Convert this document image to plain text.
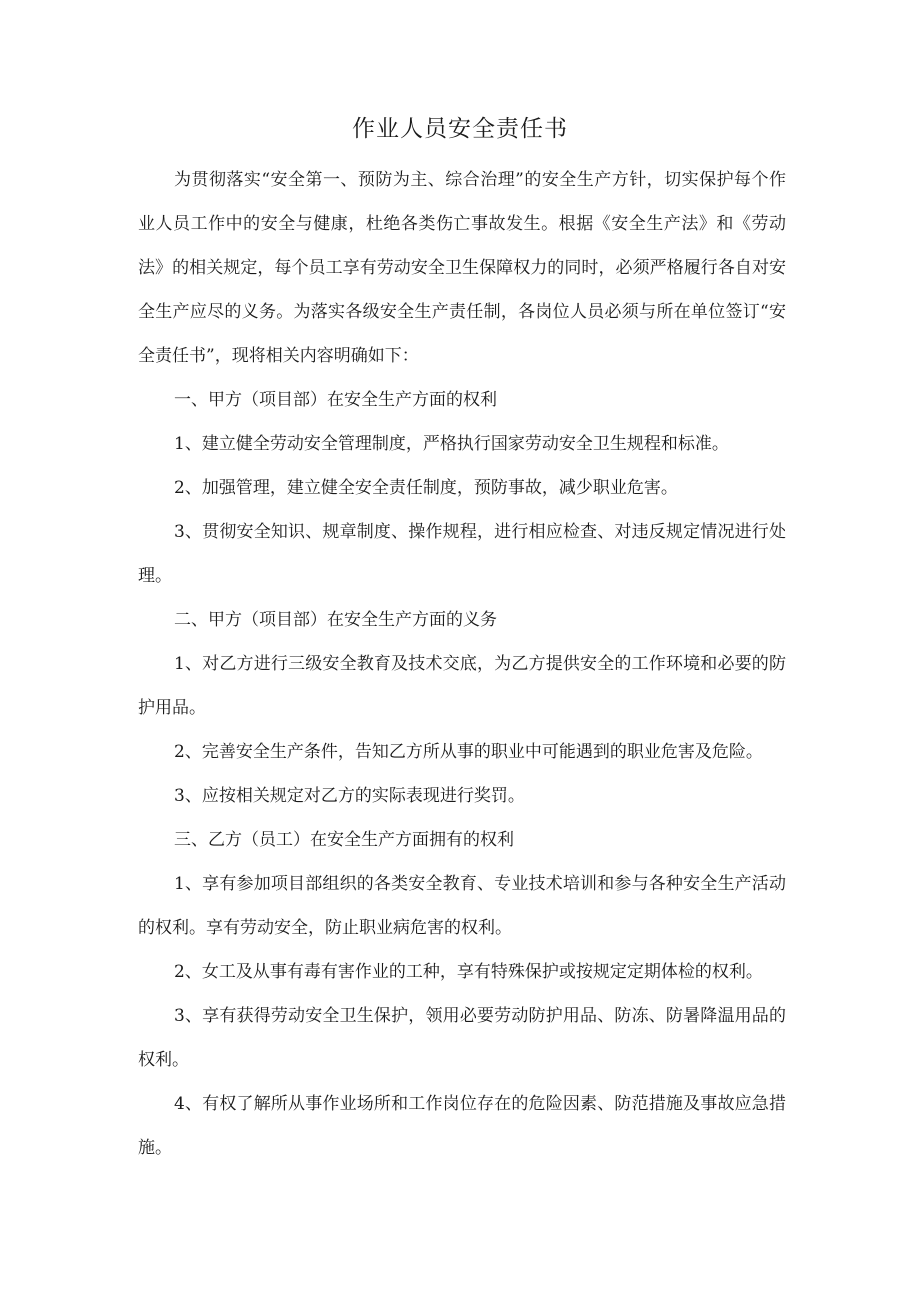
作业人员安全责任书

为贯彻落实“安全第一、预防为主、综合治理”的安全生产方针，切实保护每个作业人员工作中的安全与健康，杜绝各类伤亡事故发生。根据《安全生产法》和《劳动法》的相关规定，每个员工享有劳动安全卫生保障权力的同时，必须严格履行各自对安全生产应尽的义务。为落实各级安全生产责任制，各岗位人员必须与所在单位签订“安全责任书”，现将相关内容明确如下：

一、甲方（项目部）在安全生产方面的权利

1、建立健全劳动安全管理制度，严格执行国家劳动安全卫生规程和标准。

2、加强管理，建立健全安全责任制度，预防事故，减少职业危害。

3、贯彻安全知识、规章制度、操作规程，进行相应检查、对违反规定情况进行处理。

二、甲方（项目部）在安全生产方面的义务

1、对乙方进行三级安全教育及技术交底，为乙方提供安全的工作环境和必要的防护用品。

2、完善安全生产条件，告知乙方所从事的职业中可能遇到的职业危害及危险。

3、应按相关规定对乙方的实际表现进行奖罚。

三、乙方（员工）在安全生产方面拥有的权利

1、享有参加项目部组织的各类安全教育、专业技术培训和参与各种安全生产活动的权利。享有劳动安全，防止职业病危害的权利。

2、女工及从事有毒有害作业的工种，享有特殊保护或按规定定期体检的权利。

3、享有获得劳动安全卫生保护，领用必要劳动防护用品、防冻、防暑降温用品的权利。

4、有权了解所从事作业场所和工作岗位存在的危险因素、防范措施及事故应急措施。
